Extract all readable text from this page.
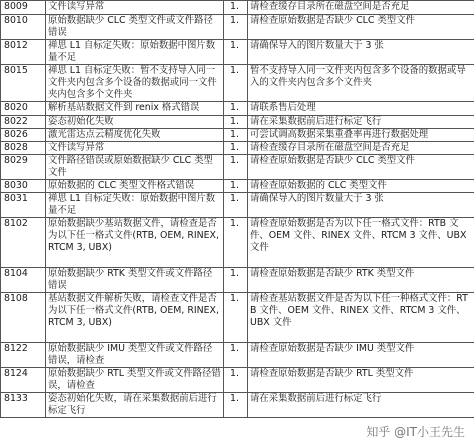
8009	文件读写异常	1.	请检查缓存目录所在磁盘空间是否充足
8010	原始数据缺少 CLC 类型文件或文件路径错误	1.	请检查原始数据是否缺少 CLC 类型文件
8012	禅思 L1 自标定失败：原始数据中图片数量不足	1.	请确保导入的图片数量大于 3 张
8015	禅思 L1 自标定失败：暂不支持导入同一文件夹内包含多个设备的数据或同一文件夹内包含多个文件夹	1.	暂不支持导入同一文件夹内包含多个设备的数据或导入的文件夹内包含多个文件夹
8020	解析基站数据文件到 renix 格式错误	1.	请联系售后处理
8022	姿态初始化失败	1.	请在采集数据前后进行标定飞行
8026	激光雷达点云精度优化失败	1.	可尝试调高数据采集重叠率再进行数据处理
8028	文件读写异常	1.	请检查缓存目录所在磁盘空间是否充足
8029	文件路径错误或原始数据缺少 CLC 类型文件	1.	请检查原始数据是否缺少 CLC 类型文件
8030	原始数据的 CLC 类型文件格式错误	1.	请检查原始数据的 CLC 类型文件
8031	禅思 L1 自标定失败：原始数据中图片数量不足	1.	请确保导入的图片数量大于 3 张
8102	原始数据缺少基站数据文件，请检查是否为以下任一格式文件(RTB, OEM, RINEX, RTCM 3, UBX)	1.	请检查原始数据是否为以下任一格式文件：RTB 文件、OEM 文件、RINEX 文件、RTCM 3 文件、UBX 文件
8104	原始数据缺少 RTK 类型文件或文件路径错误	1.	请检查原始数据是否缺少 RTK 类型文件
8108	基站数据文件解析失败，请检查文件是否为以下任一格式文件(RTB, OEM, RINEX, RTCM 3, UBX)	1.	请检查基站数据文件是否为以下任一种格式文件：RTB 文件、OEM 文件、RINEX 文件、RTCM 3 文件、UBX 文件
8122	原始数据缺少 IMU 类型文件或文件路径错误，请检查	1.	请检查原始数据是否缺少 IMU 类型文件
8124	原始数据缺少 RTL 类型文件或文件路径错误，请检查	1.	请检查原始数据是否缺少 RTL 类型文件
8133	姿态初始化失败，请在采集数据前后进行标定飞行	1.	请在采集数据前后进行标定飞行
知乎 @IT小王先生
